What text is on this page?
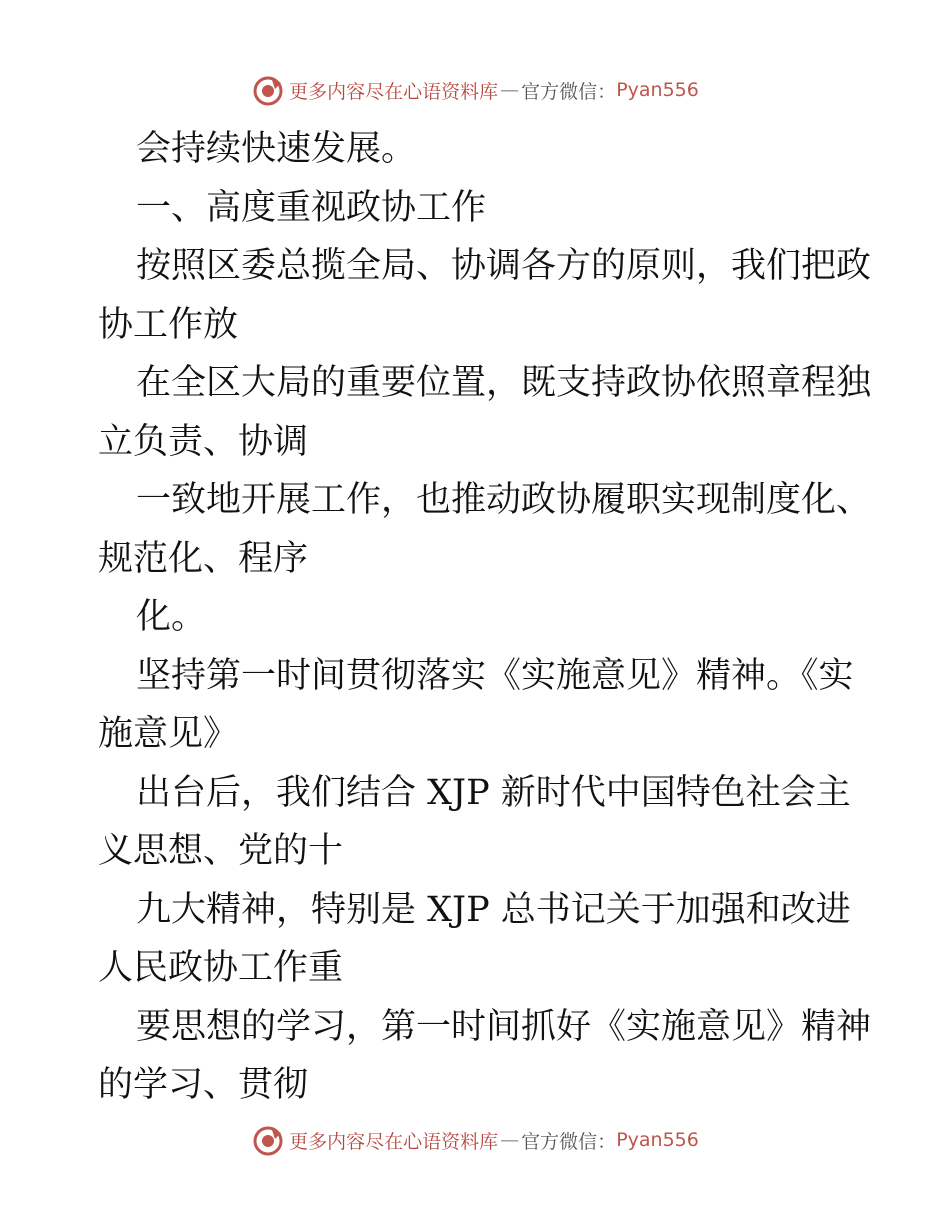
更多内容尽在心语资料库 — 官方微信： Pyan556

会持续快速发展。

一、高度重视政协工作

按照区委总揽全局、协调各方的原则，我们把政

协工作放

在全区大局的重要位置，既支持政协依照章程独

立负责、协调

一致地开展工作，也推动政协履职实现制度化、

规范化、程序

化。

坚持第一时间贯彻落实《实施意见》精神。《实

施意见》

出台后，我们结合 XJP 新时代中国特色社会主

义思想、党的十

九大精神，特别是 XJP 总书记关于加强和改进

人民政协工作重

要思想的学习，第一时间抓好《实施意见》精神

的学习、贯彻

更多内容尽在心语资料库 — 官方微信： Pyan556
